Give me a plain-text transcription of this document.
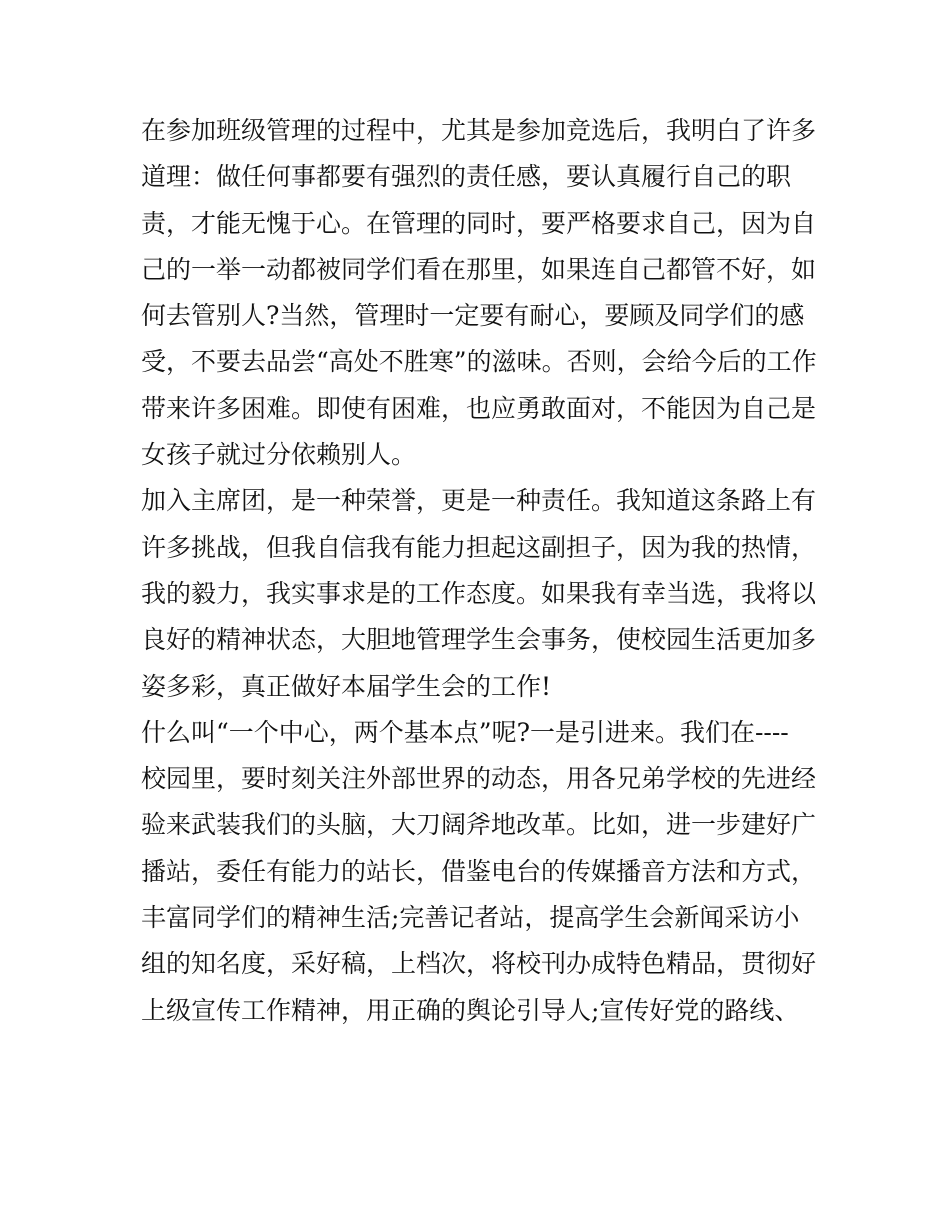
在参加班级管理的过程中，尤其是参加竞选后，我明白了许多
道理：做任何事都要有强烈的责任感，要认真履行自己的职
责，才能无愧于心。在管理的同时，要严格要求自己，因为自
己的一举一动都被同学们看在那里，如果连自己都管不好，如
何去管别人?当然，管理时一定要有耐心，要顾及同学们的感
受，不要去品尝“高处不胜寒”的滋味。否则，会给今后的工作
带来许多困难。即使有困难，也应勇敢面对，不能因为自己是
女孩子就过分依赖别人。
加入主席团，是一种荣誉，更是一种责任。我知道这条路上有
许多挑战，但我自信我有能力担起这副担子，因为我的热情，
我的毅力，我实事求是的工作态度。如果我有幸当选，我将以
良好的精神状态，大胆地管理学生会事务，使校园生活更加多
姿多彩，真正做好本届学生会的工作!
什么叫“一个中心，两个基本点”呢?一是引进来。我们在----
校园里，要时刻关注外部世界的动态，用各兄弟学校的先进经
验来武装我们的头脑，大刀阔斧地改革。比如，进一步建好广
播站，委任有能力的站长，借鉴电台的传媒播音方法和方式，
丰富同学们的精神生活;完善记者站，提高学生会新闻采访小
组的知名度，采好稿，上档次，将校刊办成特色精品，贯彻好
上级宣传工作精神，用正确的舆论引导人;宣传好党的路线、
